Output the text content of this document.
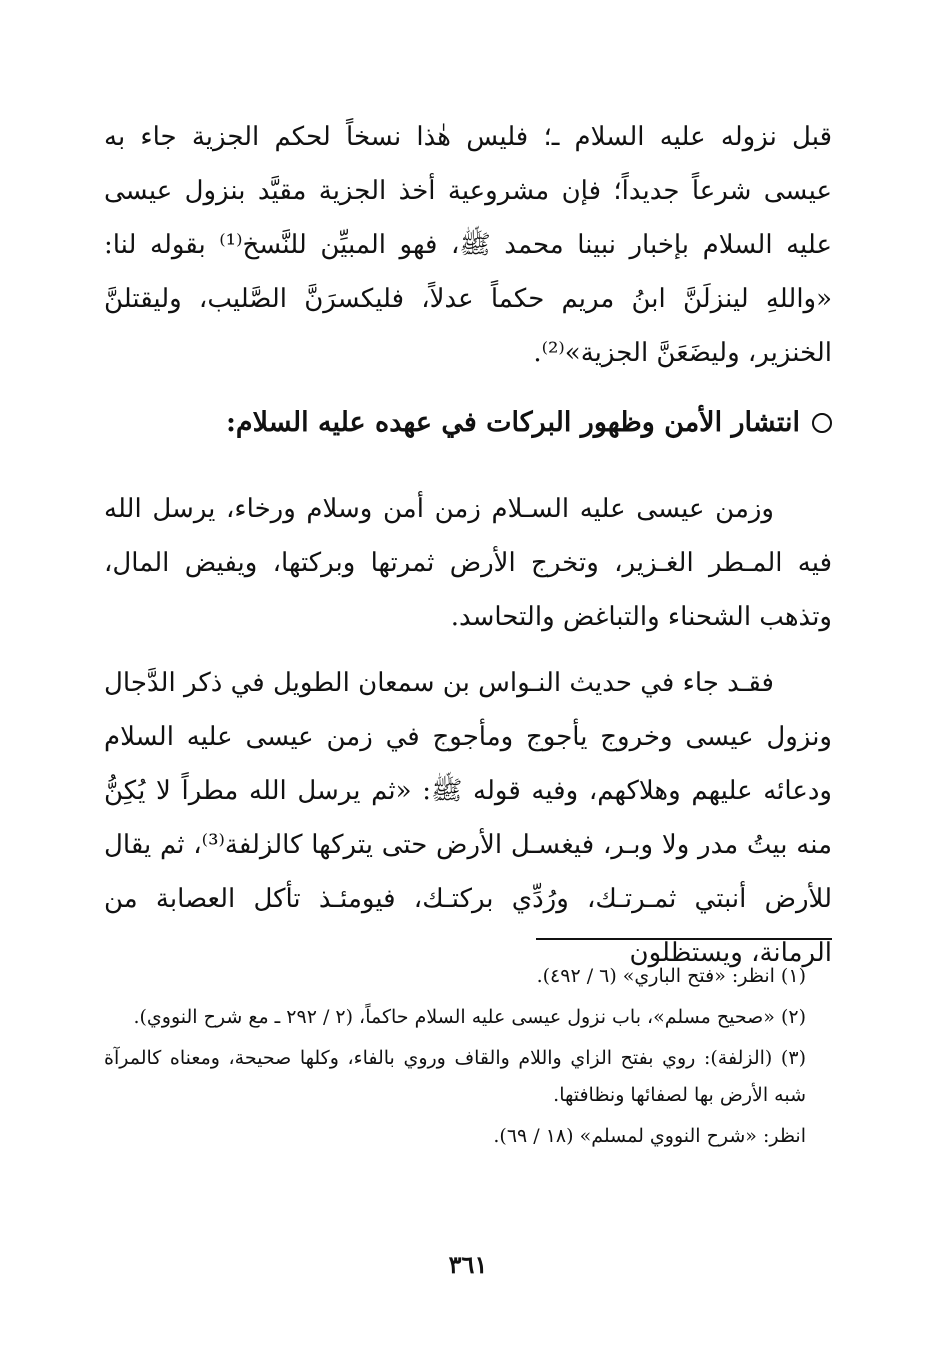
قبل نزوله عليه السلام ـ؛ فليس هٰذا نسخاً لحكم الجزية جاء به عيسى شرعاً جديداً؛ فإن مشروعية أخذ الجزية مقيَّد بنزول عيسى عليه السلام بإخبار نبينا محمد ﷺ، فهو المبيِّن للنَّسخ⁽¹⁾ بقوله لنا: «واللهِ لينزلَنَّ ابنُ مريم حكماً عدلاً، فليكسرَنَّ الصَّليب، وليقتلنَّ الخنزير، وليضَعَنَّ الجزية»⁽²⁾.

انتشار الأمن وظهور البركات في عهده عليه السلام:

وزمن عيسى عليه السـلام زمن أمن وسلام ورخاء، يرسل الله فيه المـطر الغـزير، وتخرج الأرض ثمرتها وبركتها، ويفيض المال، وتذهب الشحناء والتباغض والتحاسد.

فقـد جاء في حديث النـواس بن سمعان الطويل في ذكر الدَّجال ونزول عيسى وخروج يأجوج ومأجوج في زمن عيسى عليه السلام ودعائه عليهم وهلاكهم، وفيه قوله ﷺ: «ثم يرسل الله مطراً لا يُكِنُّ منه بيتُ مدر ولا وبـر، فيغسـل الأرض حتى يتركها كالزلفة⁽³⁾، ثم يقال للأرض أنبتي ثمـرتـك، ورُدِّي بركتـك، فيومئـذ تأكل العصابة من الرمانة، ويستظلون

(١) انظر: «فتح الباري» (٦ / ٤٩٢).

(٢) «صحيح مسلم»، باب نزول عيسى عليه السلام حاكماً، (٢ / ٢٩٢ ـ مع شرح النووي).

(٣) (الزلفة): روي بفتح الزاي واللام والقاف وروي بالفاء، وكلها صحيحة، ومعناه كالمرآة شبه الأرض بها لصفائها ونظافتها.

انظر: «شرح النووي لمسلم» (١٨ / ٦٩).

٣٦١
